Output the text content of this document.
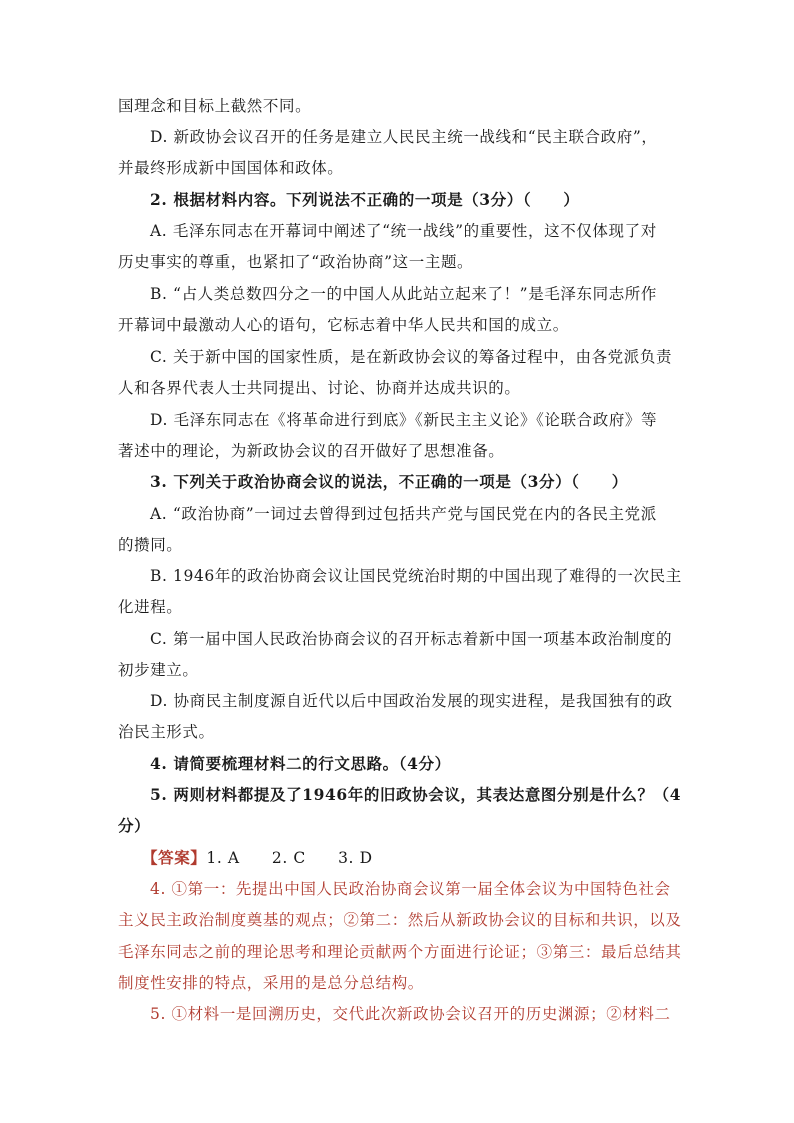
国理念和目标上截然不同。
D. 新政协会议召开的任务是建立人民民主统一战线和“民主联合政府”，
并最终形成新中国国体和政体。
2. 根据材料内容。下列说法不正确的一项是（3分）（　　）
A. 毛泽东同志在开幕词中阐述了“统一战线”的重要性，这不仅体现了对
历史事实的尊重，也紧扣了“政治协商”这一主题。
B. “占人类总数四分之一的中国人从此站立起来了！”是毛泽东同志所作
开幕词中最激动人心的语句，它标志着中华人民共和国的成立。
C. 关于新中国的国家性质，是在新政协会议的筹备过程中，由各党派负责
人和各界代表人士共同提出、讨论、协商并达成共识的。
D. 毛泽东同志在《将革命进行到底》《新民主主义论》《论联合政府》等
著述中的理论，为新政协会议的召开做好了思想准备。
3. 下列关于政治协商会议的说法，不正确的一项是（3分）（　　）
A. “政治协商”一词过去曾得到过包括共产党与国民党在内的各民主党派
的攒同。
B. 1946年的政治协商会议让国民党统治时期的中国出现了难得的一次民主
化进程。
C. 第一届中国人民政治协商会议的召开标志着新中国一项基本政治制度的
初步建立。
D. 协商民主制度源自近代以后中国政治发展的现实进程，是我国独有的政
治民主形式。
4. 请简要梳理材料二的行文思路。（4分）
5. 两则材料都提及了1946年的旧政协会议，其表达意图分别是什么？（4
分）
【答案】1. A　　2. C　　3. D
4. ①第一：先提出中国人民政治协商会议第一届全体会议为中国特色社会
主义民主政治制度奠基的观点；②第二：然后从新政协会议的目标和共识，以及
毛泽东同志之前的理论思考和理论贡献两个方面进行论证；③第三：最后总结其
制度性安排的特点，采用的是总分总结构。
5. ①材料一是回溯历史，交代此次新政协会议召开的历史渊源；②材料二
